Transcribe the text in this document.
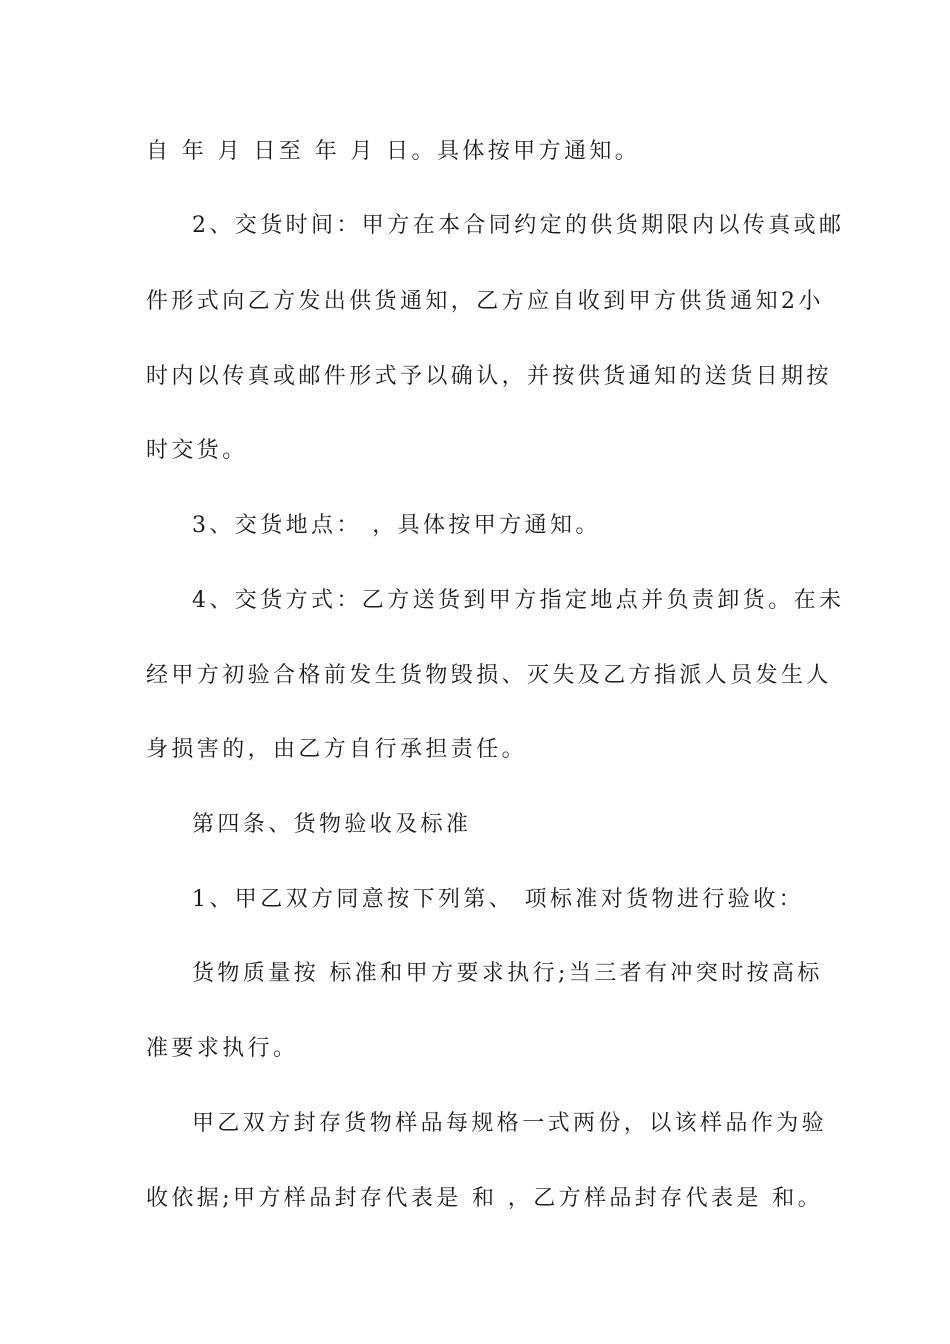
自 年 月 日至 年 月 日。具体按甲方通知。
2、交货时间：甲方在本合同约定的供货期限内以传真或邮
件形式向乙方发出供货通知，乙方应自收到甲方供货通知2小
时内以传真或邮件形式予以确认，并按供货通知的送货日期按
时交货。
3、交货地点： ，具体按甲方通知。
4、交货方式：乙方送货到甲方指定地点并负责卸货。在未
经甲方初验合格前发生货物毁损、灭失及乙方指派人员发生人
身损害的，由乙方自行承担责任。
第四条、货物验收及标准
1、甲乙双方同意按下列第、 项标准对货物进行验收：
货物质量按 标准和甲方要求执行;当三者有冲突时按高标
准要求执行。
甲乙双方封存货物样品每规格一式两份，以该样品作为验
收依据;甲方样品封存代表是 和 ，乙方样品封存代表是 和。
